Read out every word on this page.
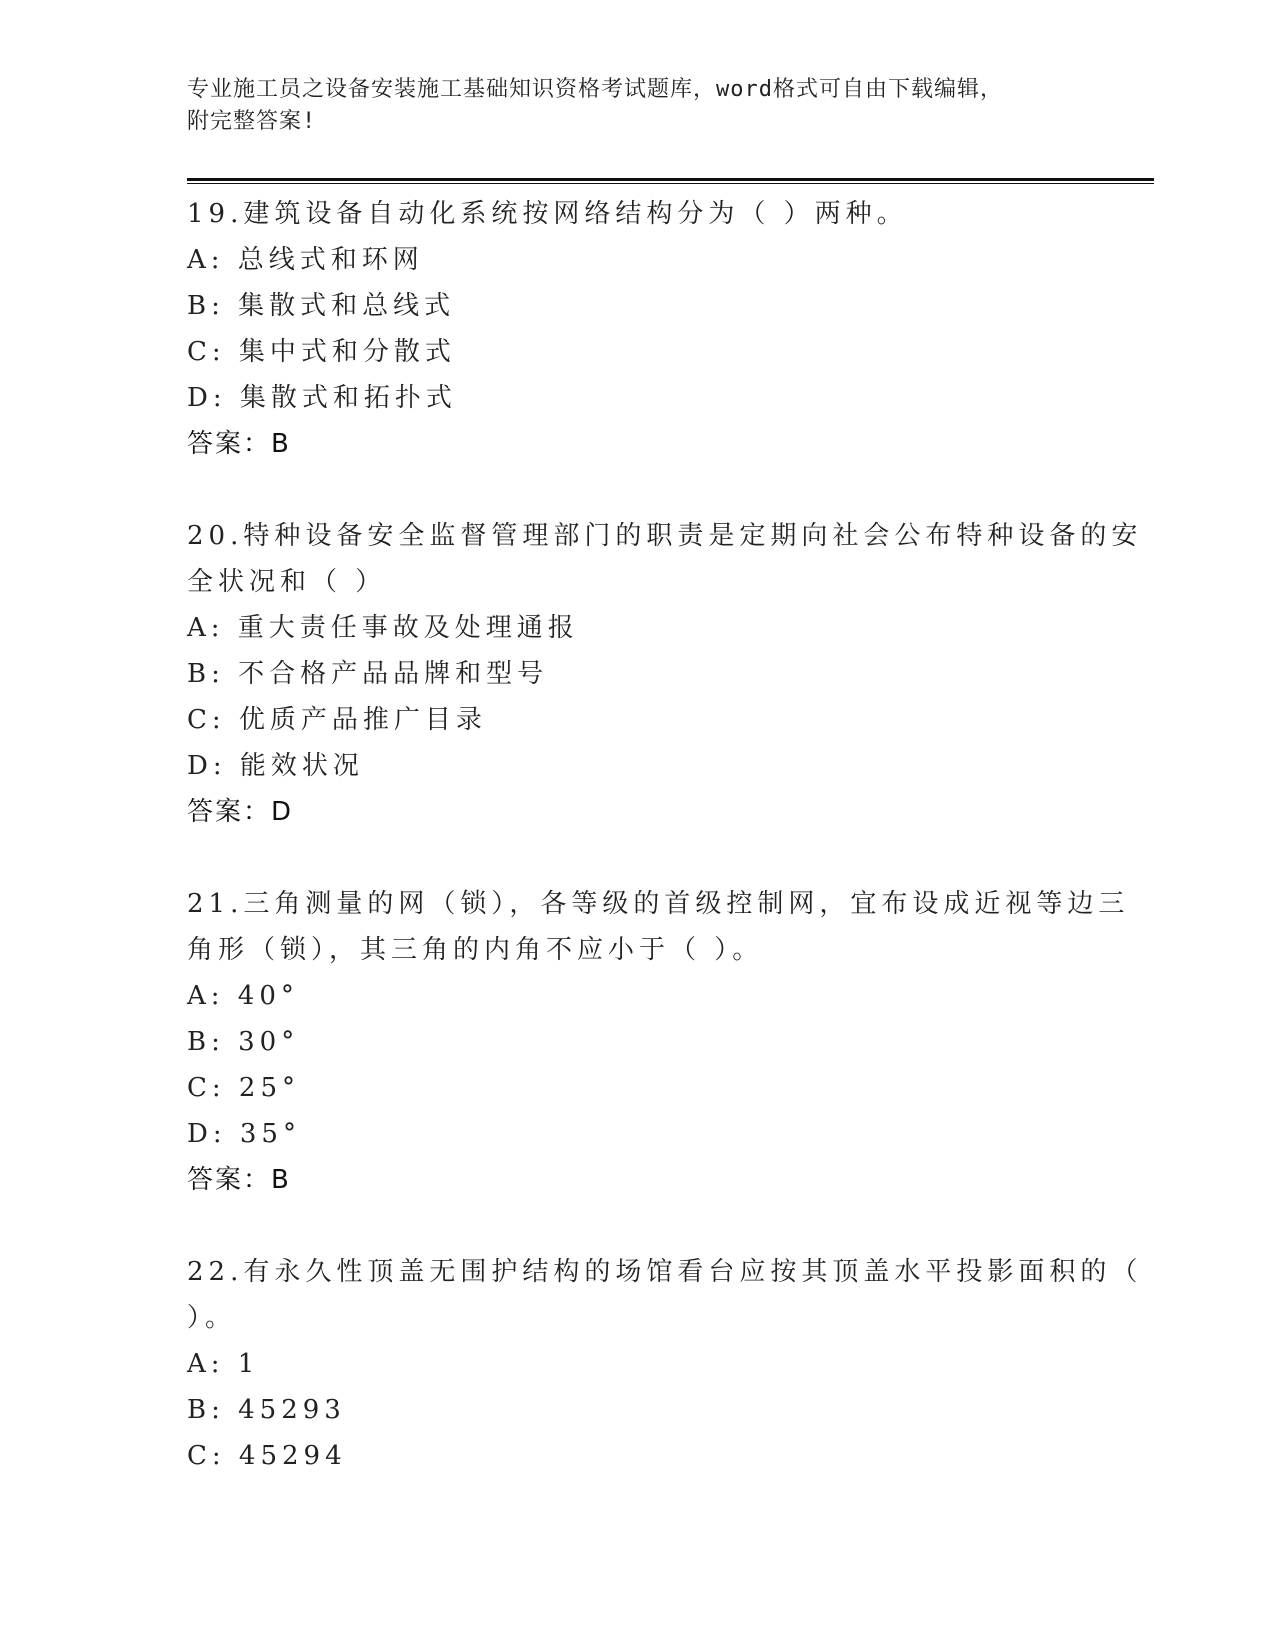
专业施工员之设备安装施工基础知识资格考试题库，word格式可自由下载编辑，
附完整答案!
19.建筑设备自动化系统按网络结构分为（ ）两种。
A: 总线式和环网
B: 集散式和总线式
C: 集中式和分散式
D: 集散式和拓扑式
答案：B
20.特种设备安全监督管理部门的职责是定期向社会公布特种设备的安
全状况和（ ）
A: 重大责任事故及处理通报
B: 不合格产品品牌和型号
C: 优质产品推广目录
D: 能效状况
答案：D
21.三角测量的网（锁），各等级的首级控制网，宜布设成近视等边三
角形（锁），其三角的内角不应小于（ ）。
A: 40°
B: 30°
C: 25°
D: 35°
答案：B
22.有永久性顶盖无围护结构的场馆看台应按其顶盖水平投影面积的（
）。
A: 1
B: 45293
C: 45294
